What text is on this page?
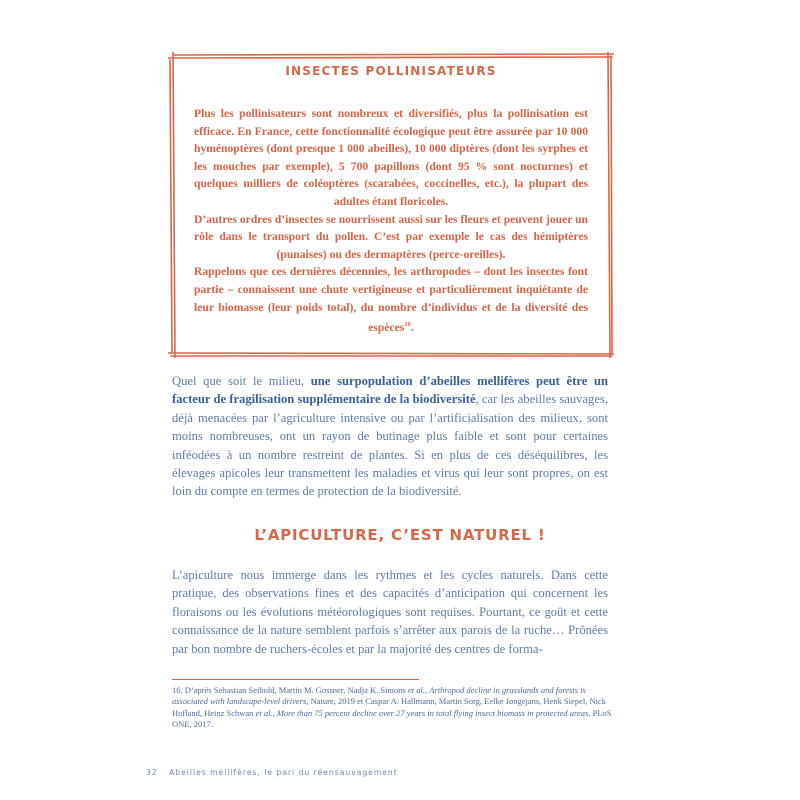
INSECTES POLLINISATEURS

Plus les pollinisateurs sont nombreux et diversifiés, plus la pollinisation est efficace. En France, cette fonctionnalité écologique peut être assurée par 10 000 hyménoptères (dont presque 1 000 abeilles), 10 000 diptères (dont les syrphes et les mouches par exemple), 5 700 papillons (dont 95 % sont nocturnes) et quelques milliers de coléoptères (scarabées, coccinelles, etc.), la plupart des adultes étant floricoles.

D’autres ordres d’insectes se nourrissent aussi sur les fleurs et peuvent jouer un rôle dans le transport du pollen. C’est par exemple le cas des hémiptères (punaises) ou des dermaptères (perce-oreilles).

Rappelons que ces dernières décennies, les arthropodes – dont les insectes font partie – connaissent une chute vertigineuse et particulièrement inquiétante de leur biomasse (leur poids total), du nombre d’individus et de la diversité des espèces$^{16}$.

Quel que soit le milieu, une surpopulation d’abeilles mellifères peut être un facteur de fragilisation supplémentaire de la biodiversité, car les abeilles sauvages, déjà menacées par l’agriculture intensive ou par l’artificialisation des milieux, sont moins nombreuses, ont un rayon de butinage plus faible et sont pour certaines inféodées à un nombre restreint de plantes. Si en plus de ces déséquilibres, les élevages apicoles leur transmettent les maladies et virus qui leur sont propres, on est loin du compte en termes de protection de la biodiversité.

L’APICULTURE, C’EST NATUREL !

L’apiculture nous immerge dans les rythmes et les cycles naturels. Dans cette pratique, des observations fines et des capacités d’anticipation qui concernent les floraisons ou les évolutions météorologiques sont requises. Pourtant, ce goût et cette connaissance de la nature semblent parfois s’arrêter aux parois de la ruche… Prônées par bon nombre de ruchers-écoles et par la majorité des centres de forma-

16. D’après Sebastian Seibold, Martin M. Gossner, Nadja K. Simons et al., Arthropod decline in grasslands and forests is associated with landscape-level drivers, Nature, 2019 et Caspar A. Hallmann, Martin Sorg, Eelke Jongejans, Henk Siepel, Nick Hofland, Heinz Schwan et al., More than 75 percent decline over 27 years in total flying insect biomass in protected areas, PLoS ONE, 2017.

32 Abeilles mellifères, le pari du réensauvagement
